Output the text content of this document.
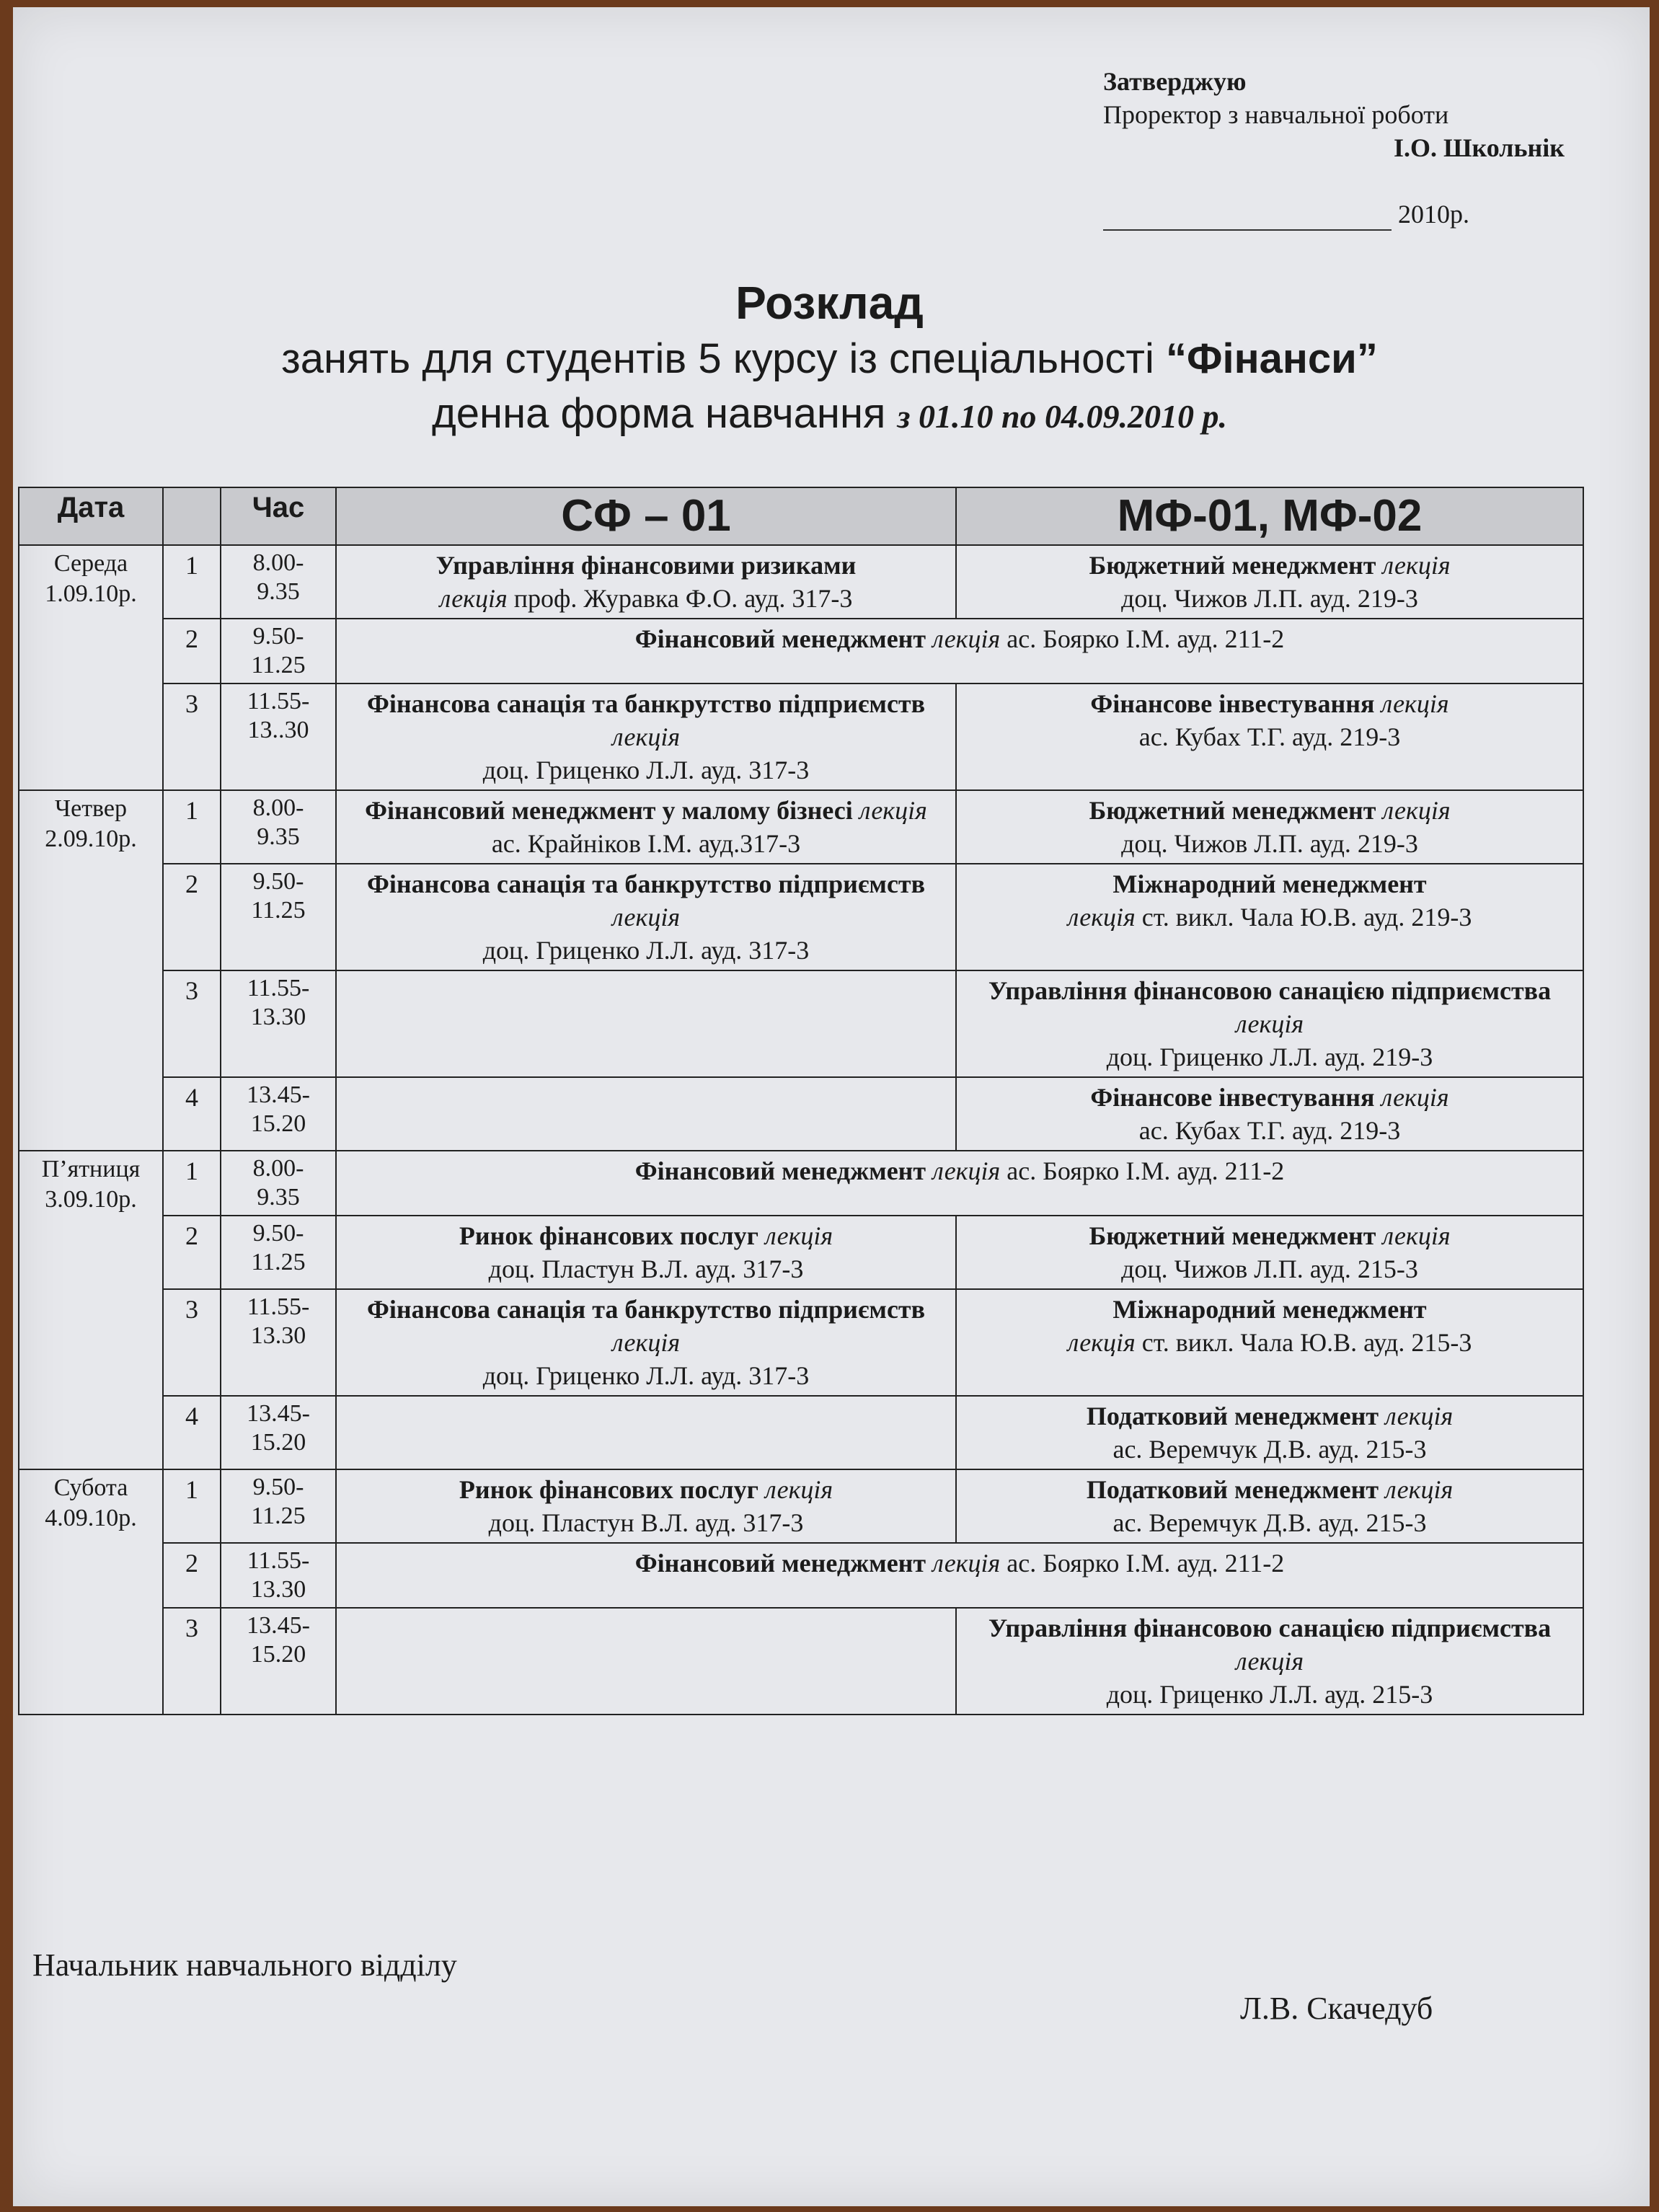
Затверджую
Проректор з навчальної роботи
І.О. Школьнік
2010р.
Розклад
занять для студентів 5 курсу із спеціальності “Фінанси”
денна форма навчання з 01.10 по 04.09.2010 р.
Дата		Час	СФ – 01	МФ-01, МФ-02
Середа
1.09.10р.	1	8.00-
9.35	Управління фінансовими ризиками
лекція проф. Журавка Ф.О. ауд. 317-3	Бюджетний менеджмент лекція
доц. Чижов Л.П. ауд. 219-3

	2	9.50-
11.25	Фінансовий менеджмент лекція ас. Боярко І.М. ауд. 211-2	

	3	11.55-
13..30	Фінансова санація та банкрутство підприємств лекція
доц. Гриценко Л.Л. ауд. 317-3	Фінансове інвестування лекція
ас. Кубах Т.Г. ауд. 219-3

Четвер
2.09.10р.	1	8.00-
9.35	Фінансовий менеджмент у малому бізнесі лекція
ас. Крайніков І.М. ауд.317-3	Бюджетний менеджмент лекція
доц. Чижов Л.П. ауд. 219-3

	2	9.50-
11.25	Фінансова санація та банкрутство підприємств лекція
доц. Гриценко Л.Л. ауд. 317-3	Міжнародний менеджмент
лекція ст. викл. Чала Ю.В. ауд. 219-3

	3	11.55-
13.30		Управління фінансовою санацією підприємства лекція
доц. Гриценко Л.Л. ауд. 219-3

	4	13.45-
15.20		Фінансове інвестування лекція
ас. Кубах Т.Г. ауд. 219-3

П’ятниця
3.09.10р.	1	8.00-
9.35	Фінансовий менеджмент лекція ас. Боярко І.М. ауд. 211-2	

	2	9.50-
11.25	Ринок фінансових послуг лекція
доц. Пластун В.Л. ауд. 317-3	Бюджетний менеджмент лекція
доц. Чижов Л.П. ауд. 215-3

	3	11.55-
13.30	Фінансова санація та банкрутство підприємств лекція
доц. Гриценко Л.Л. ауд. 317-3	Міжнародний менеджмент
лекція ст. викл. Чала Ю.В. ауд. 215-3

	4	13.45-
15.20		Податковий менеджмент лекція
ас. Веремчук Д.В. ауд. 215-3

Субота
4.09.10р.	1	9.50-
11.25	Ринок фінансових послуг лекція
доц. Пластун В.Л. ауд. 317-3	Податковий менеджмент лекція
ас. Веремчук Д.В. ауд. 215-3

	2	11.55-
13.30	Фінансовий менеджмент лекція ас. Боярко І.М. ауд. 211-2	

	3	13.45-
15.20		Управління фінансовою санацією підприємства лекція
доц. Гриценко Л.Л. ауд. 215-3
Начальник навчального відділу
Л.В. Скачедуб
